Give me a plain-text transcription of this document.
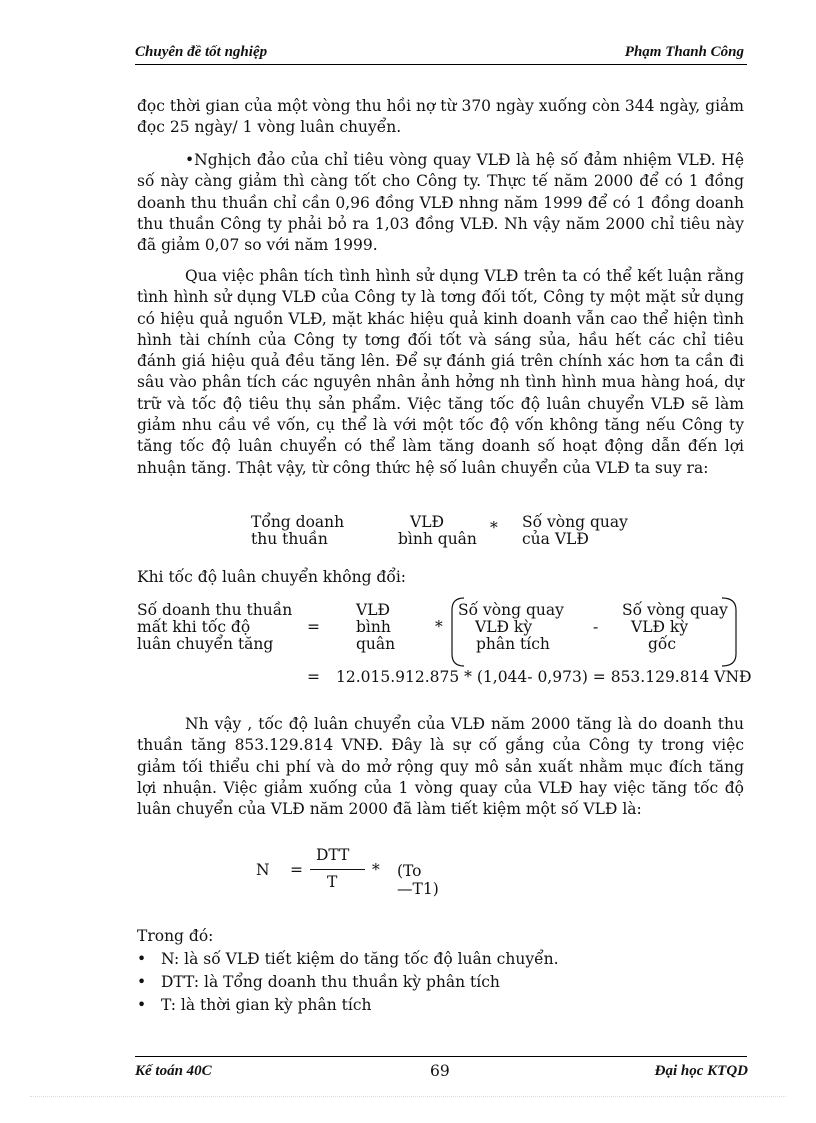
Chuyên đề tốt nghiệp	Phạm Thanh Công
đọc thời gian của một vòng thu hồi nợ từ 370 ngày xuống còn 344 ngày, giảm đọc 25 ngày/ 1 vòng luân chuyển.
•Nghịch đảo của chỉ tiêu vòng quay VLĐ là hệ số đảm nhiệm VLĐ. Hệ số này càng giảm thì càng tốt cho Công ty. Thực tế năm 2000 để có 1 đồng doanh thu thuần chỉ cần 0,96 đồng VLĐ nhng năm 1999 để có 1 đồng doanh thu thuần Công ty phải bỏ ra 1,03 đồng VLĐ. Nh vậy năm 2000 chỉ tiêu này đã giảm 0,07 so với năm 1999.
Qua việc phân tích tình hình sử dụng VLĐ trên ta có thể kết luận rằng tình hình sử dụng VLĐ của Công ty là tơng đối tốt, Công ty một mặt sử dụng có hiệu quả nguồn VLĐ, mặt khác hiệu quả kinh doanh vẫn cao thể hiện tình hình tài chính của Công ty tơng đối tốt và sáng sủa, hầu hết các chỉ tiêu đánh giá hiệu quả đều tăng lên. Để sự đánh giá trên chính xác hơn ta cần đi sâu vào phân tích các nguyên nhân ảnh hởng nh tình hình mua hàng hoá, dự trữ và tốc độ tiêu thụ sản phẩm. Việc tăng tốc độ luân chuyển VLĐ sẽ làm giảm nhu cầu về vốn, cụ thể là với một tốc độ vốn không tăng nếu Công ty tăng tốc độ luân chuyển có thể làm tăng doanh số hoạt động dẫn đến lợi nhuận tăng. Thật vậy, từ công thức hệ số luân chuyển của VLĐ ta suy ra:
Tổng doanh
thu thuần
VLĐ
bình quân
* Số vòng quay
của VLĐ
Khi tốc độ luân chuyển không đổi:
Số doanh thu thuần
mất khi tốc độ
luân chuyển tăng
=
VLĐ
bình
quân
*
Số vòng quay
VLĐ kỳ
phân tích
-
Số vòng quay
VLĐ kỳ
gốc
= 12.015.912.875 * (1,044- 0,973) = 853.129.814 VNĐ
Nh vậy , tốc độ luân chuyển của VLĐ năm 2000 tăng là do doanh thu thuần tăng 853.129.814 VNĐ. Đây là sự cố gắng của Công ty trong việc giảm tối thiểu chi phí và do mở rộng quy mô sản xuất nhằm mục đích tăng lợi nhuận. Việc giảm xuống của 1 vòng quay của VLĐ hay việc tăng tốc độ luân chuyển của VLĐ năm 2000 đã làm tiết kiệm một số VLĐ là:
N =
DTT
T
* (To
—T1)
Trong đó:
• N: là số VLĐ tiết kiệm do tăng tốc độ luân chuyển.
• DTT: là Tổng doanh thu thuần kỳ phân tích
• T: là thời gian kỳ phân tích
Kế toán 40C	69	Đại học KTQD
